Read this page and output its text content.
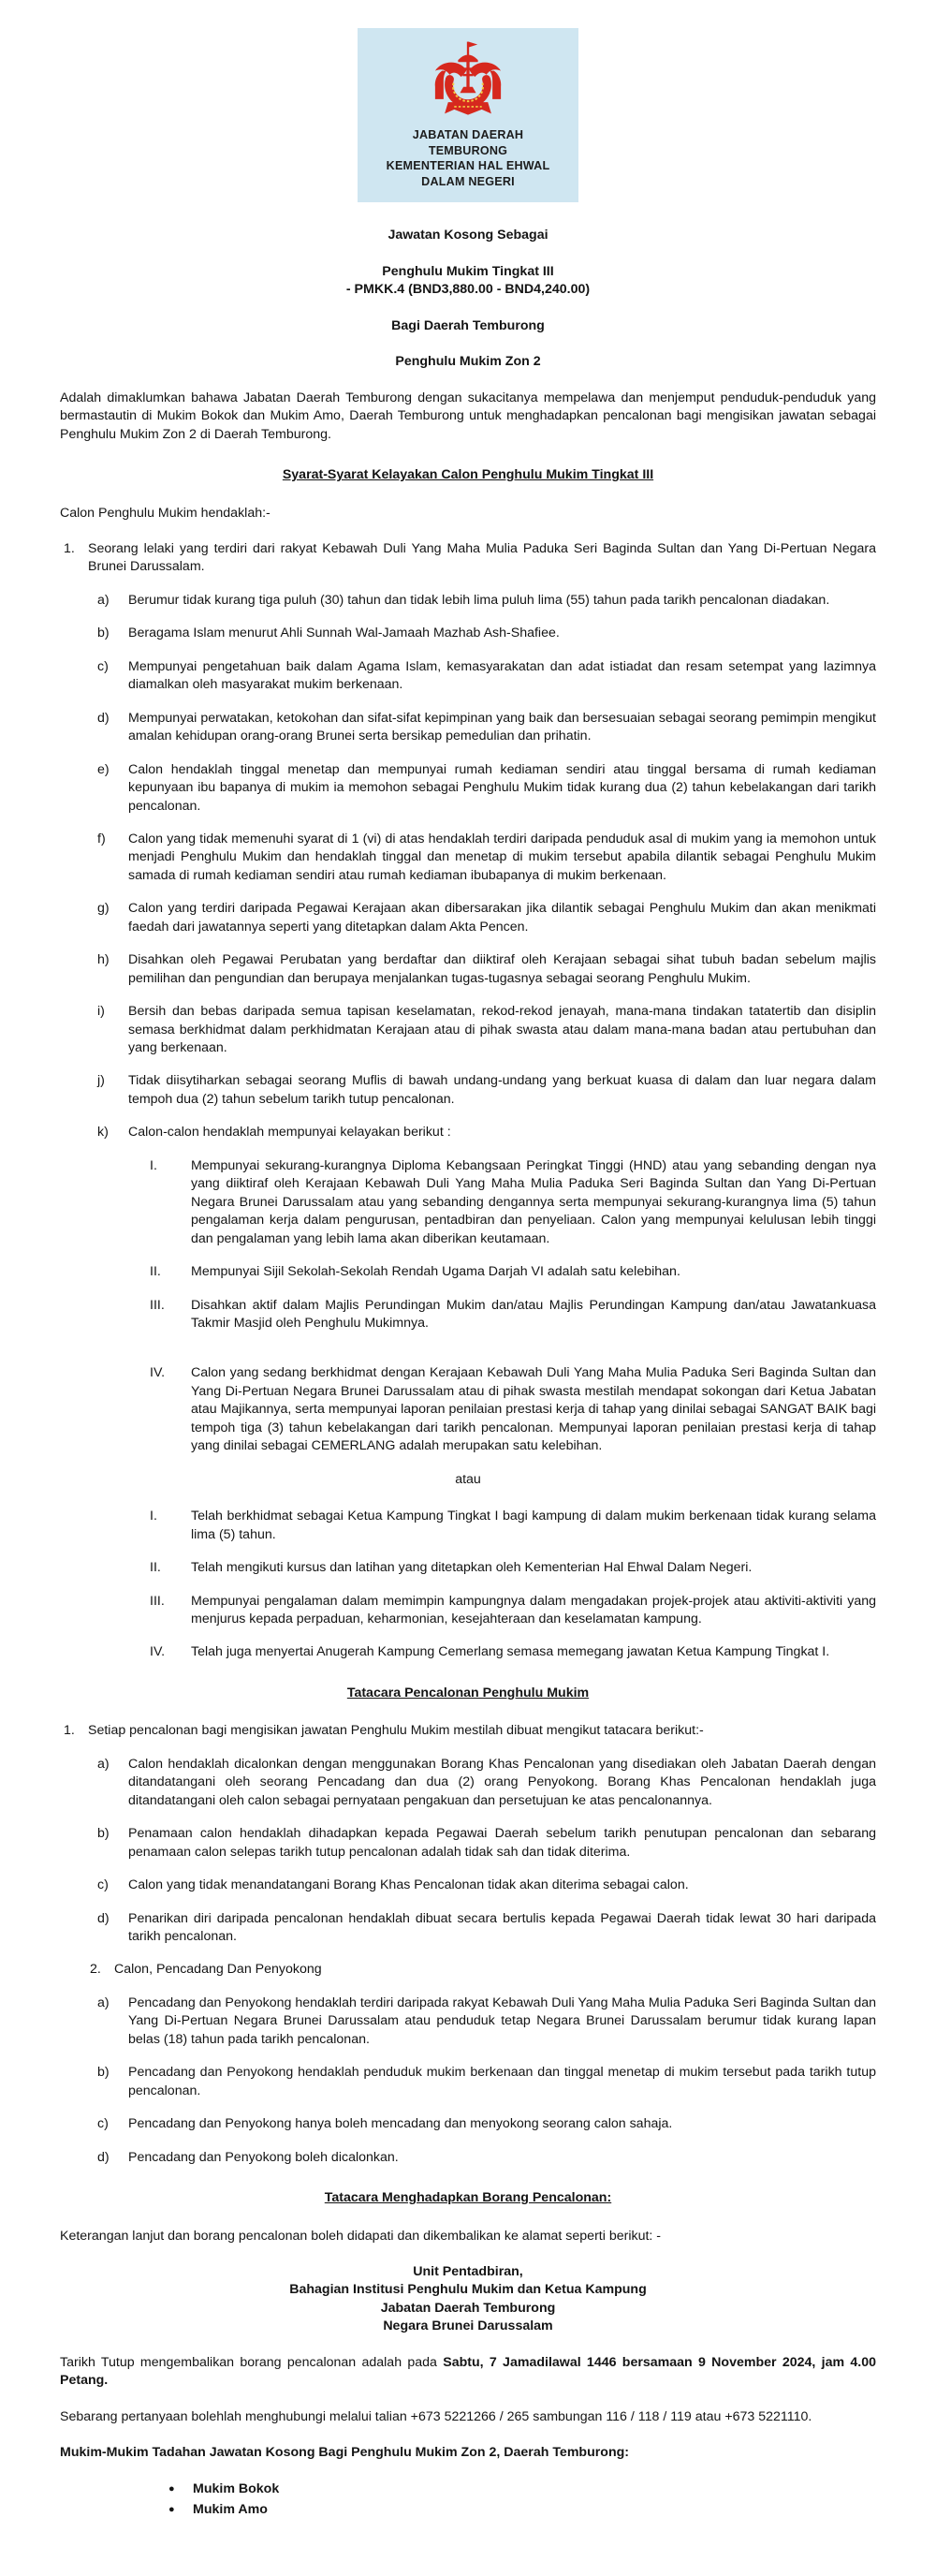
JABATAN DAERAH
TEMBURONG
KEMENTERIAN HAL EHWAL
DALAM NEGERI
Jawatan Kosong Sebagai
Penghulu Mukim Tingkat III
- PMKK.4 (BND3,880.00 - BND4,240.00)
Bagi Daerah Temburong
Penghulu Mukim Zon 2

Adalah dimaklumkan bahawa Jabatan Daerah Temburong dengan sukacitanya mempelawa dan menjemput penduduk-penduduk yang bermastautin di Mukim Bokok dan Mukim Amo, Daerah Temburong untuk menghadapkan pencalonan bagi mengisikan jawatan sebagai Penghulu Mukim Zon 2 di Daerah Temburong.

Syarat-Syarat Kelayakan Calon Penghulu Mukim Tingkat III

Calon Penghulu Mukim hendaklah:-

1. Seorang lelaki yang terdiri dari rakyat Kebawah Duli Yang Maha Mulia Paduka Seri Baginda Sultan dan Yang Di-Pertuan Negara Brunei Darussalam.
a)	Berumur tidak kurang tiga puluh (30) tahun dan tidak lebih lima puluh lima (55) tahun pada tarikh pencalonan diadakan.
b)	Beragama Islam menurut Ahli Sunnah Wal-Jamaah Mazhab Ash-Shafiee.
c)	Mempunyai pengetahuan baik dalam Agama Islam, kemasyarakatan dan adat istiadat dan resam setempat yang lazimnya diamalkan oleh masyarakat mukim berkenaan.
d)	Mempunyai perwatakan, ketokohan dan sifat-sifat kepimpinan yang baik dan bersesuaian sebagai seorang pemimpin mengikut amalan kehidupan orang-orang Brunei serta bersikap pemedulian dan prihatin.
e)	Calon hendaklah tinggal menetap dan mempunyai rumah kediaman sendiri atau tinggal bersama di rumah kediaman kepunyaan ibu bapanya di mukim ia memohon sebagai Penghulu Mukim tidak kurang dua (2) tahun kebelakangan dari tarikh pencalonan.
f)	Calon yang tidak memenuhi syarat di 1 (vi) di atas hendaklah terdiri daripada penduduk asal di mukim yang ia memohon untuk menjadi Penghulu Mukim dan hendaklah tinggal dan menetap di mukim tersebut apabila dilantik sebagai Penghulu Mukim samada di rumah kediaman sendiri atau rumah kediaman ibubapanya di mukim berkenaan.
g)	Calon yang terdiri daripada Pegawai Kerajaan akan dibersarakan jika dilantik sebagai Penghulu Mukim dan akan menikmati faedah dari jawatannya seperti yang ditetapkan dalam Akta Pencen.
h)	Disahkan oleh Pegawai Perubatan yang berdaftar dan diiktiraf oleh Kerajaan sebagai sihat tubuh badan sebelum majlis pemilihan dan pengundian dan berupaya menjalankan tugas-tugasnya sebagai seorang Penghulu Mukim.
i)	Bersih dan bebas daripada semua tapisan keselamatan, rekod-rekod jenayah, mana-mana tindakan tatatertib dan disiplin semasa berkhidmat dalam perkhidmatan Kerajaan atau di pihak swasta atau dalam mana-mana badan atau pertubuhan dan yang berkenaan.
j)	Tidak diisytiharkan sebagai seorang Muflis di bawah undang-undang yang berkuat kuasa di dalam dan luar negara dalam tempoh dua (2) tahun sebelum tarikh tutup pencalonan.
k)	Calon-calon hendaklah mempunyai kelayakan berikut :
I.	Mempunyai sekurang-kurangnya Diploma Kebangsaan Peringkat Tinggi (HND) atau yang sebanding dengan nya yang diiktiraf oleh Kerajaan Kebawah Duli Yang Maha Mulia Paduka Seri Baginda Sultan dan Yang Di-Pertuan Negara Brunei Darussalam atau yang sebanding dengannya serta mempunyai sekurang-kurangnya lima (5) tahun pengalaman kerja dalam pengurusan, pentadbiran dan penyeliaan. Calon yang mempunyai kelulusan lebih tinggi dan pengalaman yang lebih lama akan diberikan keutamaan.
II.	Mempunyai Sijil Sekolah-Sekolah Rendah Ugama Darjah VI adalah satu kelebihan.
III.	Disahkan aktif dalam Majlis Perundingan Mukim dan/atau Majlis Perundingan Kampung dan/atau Jawatankuasa Takmir Masjid oleh Penghulu Mukimnya.
IV.	Calon yang sedang berkhidmat dengan Kerajaan Kebawah Duli Yang Maha Mulia Paduka Seri Baginda Sultan dan Yang Di-Pertuan Negara Brunei Darussalam atau di pihak swasta mestilah mendapat sokongan dari Ketua Jabatan atau Majikannya, serta mempunyai laporan penilaian prestasi kerja di tahap yang dinilai sebagai SANGAT BAIK bagi tempoh tiga (3) tahun kebelakangan dari tarikh pencalonan. Mempunyai laporan penilaian prestasi kerja di tahap yang dinilai sebagai CEMERLANG adalah merupakan satu kelebihan.
atau
I.	Telah berkhidmat sebagai Ketua Kampung Tingkat I bagi kampung di dalam mukim berkenaan tidak kurang selama lima (5) tahun.
II.	Telah mengikuti kursus dan latihan yang ditetapkan oleh Kementerian Hal Ehwal Dalam Negeri.
III.	Mempunyai pengalaman dalam memimpin kampungnya dalam mengadakan projek-projek atau aktiviti-aktiviti yang menjurus kepada perpaduan, keharmonian, kesejahteraan dan keselamatan kampung.
IV.	Telah juga menyertai Anugerah Kampung Cemerlang semasa memegang jawatan Ketua Kampung Tingkat I.
Tatacara Pencalonan Penghulu Mukim
1. Setiap pencalonan bagi mengisikan jawatan Penghulu Mukim mestilah dibuat mengikut tatacara berikut:-
a)	Calon hendaklah dicalonkan dengan menggunakan Borang Khas Pencalonan yang disediakan oleh Jabatan Daerah dengan ditandatangani oleh seorang Pencadang dan dua (2) orang Penyokong. Borang Khas Pencalonan hendaklah juga ditandatangani oleh calon sebagai pernyataan pengakuan dan persetujuan ke atas pencalonannya.
b)	Penamaan calon hendaklah dihadapkan kepada Pegawai Daerah sebelum tarikh penutupan pencalonan dan sebarang penamaan calon selepas tarikh tutup pencalonan adalah tidak sah dan tidak diterima.
c)	Calon yang tidak menandatangani Borang Khas Pencalonan tidak akan diterima sebagai calon.
d)	Penarikan diri daripada pencalonan hendaklah dibuat secara bertulis kepada Pegawai Daerah tidak lewat 30 hari daripada tarikh pencalonan.
2. Calon, Pencadang Dan Penyokong
a)	Pencadang dan Penyokong hendaklah terdiri daripada rakyat Kebawah Duli Yang Maha Mulia Paduka Seri Baginda Sultan dan Yang Di-Pertuan Negara Brunei Darussalam atau penduduk tetap Negara Brunei Darussalam berumur tidak kurang lapan belas (18) tahun pada tarikh pencalonan.
b)	Pencadang dan Penyokong hendaklah penduduk mukim berkenaan dan tinggal menetap di mukim tersebut pada tarikh tutup pencalonan.
c)	Pencadang dan Penyokong hanya boleh mencadang dan menyokong seorang calon sahaja.
d)	Pencadang dan Penyokong boleh dicalonkan.
Tatacara Menghadapkan Borang Pencalonan:

Keterangan lanjut dan borang pencalonan boleh didapati dan dikembalikan ke alamat seperti berikut: -

Unit Pentadbiran,
Bahagian Institusi Penghulu Mukim dan Ketua Kampung
Jabatan Daerah Temburong
Negara Brunei Darussalam

Tarikh Tutup mengembalikan borang pencalonan adalah pada Sabtu, 7 Jamadilawal 1446 bersamaan 9 November 2024, jam 4.00 Petang.

Sebarang pertanyaan bolehlah menghubungi melalui talian +673 5221266 / 265 sambungan 116 / 118 / 119 atau +673 5221110.

Mukim-Mukim Tadahan Jawatan Kosong Bagi Penghulu Mukim Zon 2, Daerah Temburong:

●	Mukim Bokok
●	Mukim Amo
